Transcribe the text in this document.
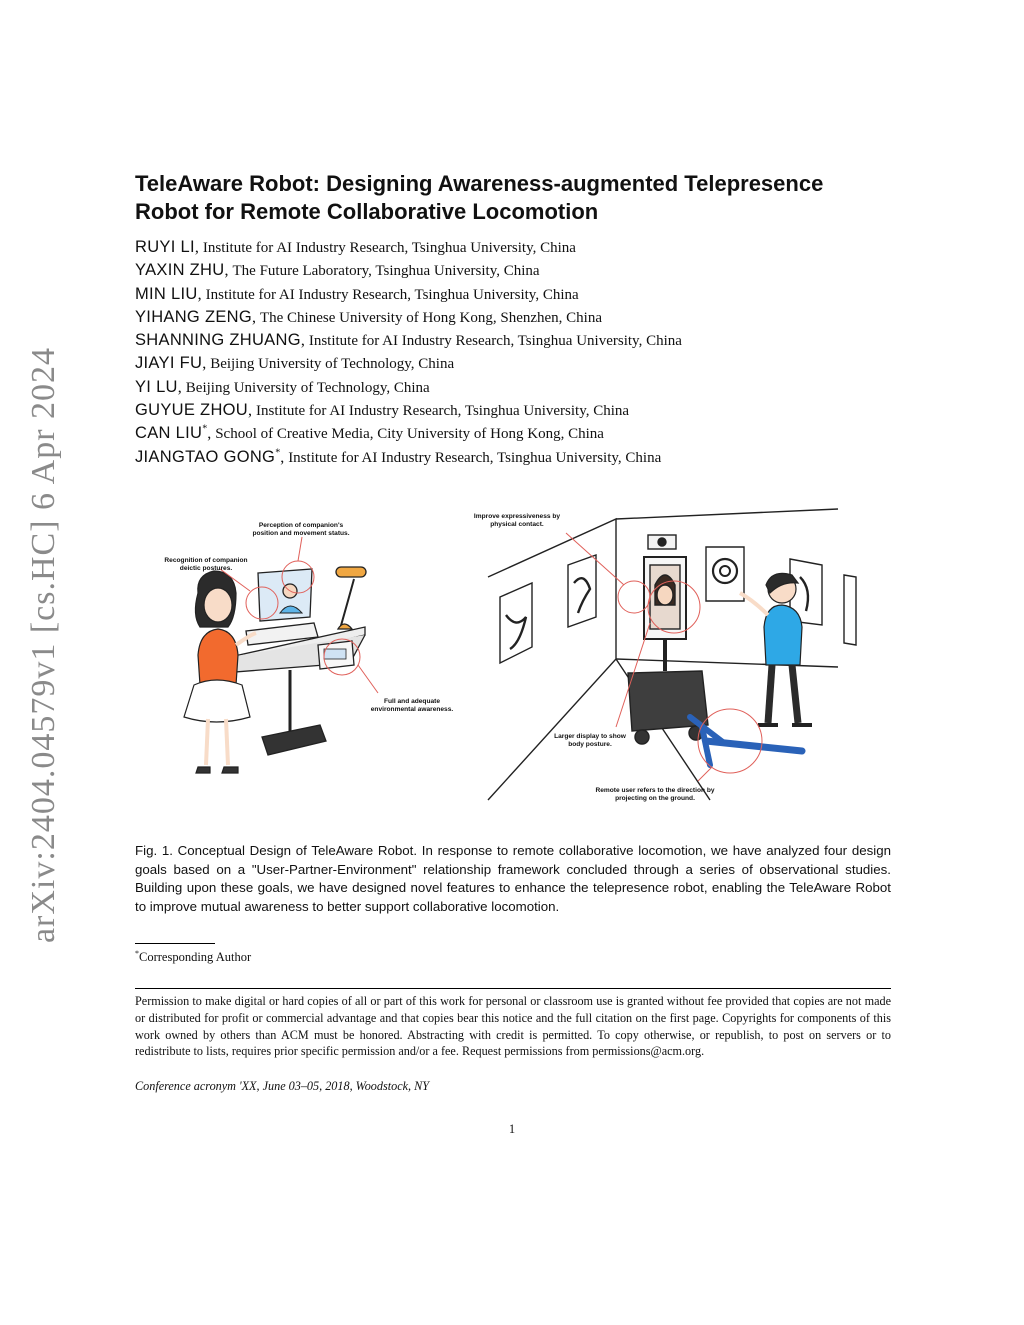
arXiv:2404.04579v1 [cs.HC] 6 Apr 2024
TeleAware Robot: Designing Awareness-augmented Telepresence
Robot for Remote Collaborative Locomotion
RUYI LI, Institute for AI Industry Research, Tsinghua University, China
YAXIN ZHU, The Future Laboratory, Tsinghua University, China
MIN LIU, Institute for AI Industry Research, Tsinghua University, China
YIHANG ZENG, The Chinese University of Hong Kong, Shenzhen, China
SHANNING ZHUANG, Institute for AI Industry Research, Tsinghua University, China
JIAYI FU, Beijing University of Technology, China
YI LU, Beijing University of Technology, China
GUYUE ZHOU, Institute for AI Industry Research, Tsinghua University, China
CAN LIU*, School of Creative Media, City University of Hong Kong, China
JIANGTAO GONG*, Institute for AI Industry Research, Tsinghua University, China
Perception of companion's
position and movement status.
Recognition of companion
deictic postures.
Full and adequate
environmental awareness.
Improve expressiveness by
physical contact.
Larger display to show
body posture.
Remote user refers to the direction by
projecting on the ground.

Fig. 1. Conceptual Design of TeleAware Robot. In response to remote collaborative locomotion, we have analyzed four design goals based on a "User-Partner-Environment" relationship framework concluded through a series of observational studies. Building upon these goals, we have designed novel features to enhance the telepresence robot, enabling the TeleAware Robot to improve mutual awareness to better support collaborative locomotion.

*Corresponding Author

Permission to make digital or hard copies of all or part of this work for personal or classroom use is granted without fee provided that copies are not made or distributed for profit or commercial advantage and that copies bear this notice and the full citation on the first page. Copyrights for components of this work owned by others than ACM must be honored. Abstracting with credit is permitted. To copy otherwise, or republish, to post on servers or to redistribute to lists, requires prior specific permission and/or a fee. Request permissions from permissions@acm.org.

Conference acronym 'XX, June 03–05, 2018, Woodstock, NY
1
